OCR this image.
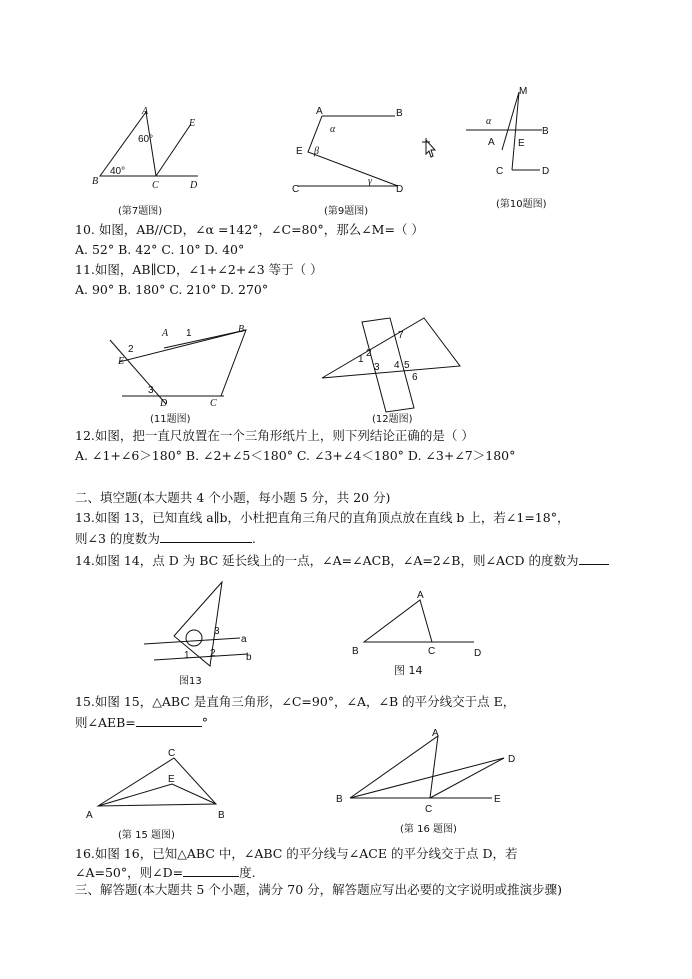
A
B	C	D
E
60°
40°
(第7题图)
A	B
C	D
E
α
β
γ
(第9题图)
M
A
B
C	D
E
α
(第10题图)
10. 如图，AB//CD，∠α =142°，∠C=80°，那么∠M=（ ）
A. 52° B. 42° C. 10° D. 40°
11.如图，AB∥CD，∠1+∠2+∠3 等于（ ）
A. 90° B. 180° C. 210° D. 270°
A	B
C
D
E
1
2
3
(11题图)
1
2
3 4 5
6
7
(12题图)
12.如图，把一直尺放置在一个三角形纸片上，则下列结论正确的是（ ）
A. ∠1+∠6＞180° B. ∠2+∠5＜180° C. ∠3+∠4＜180° D. ∠3+∠7＞180°
二、填空题(本大题共 4 个小题，每小题 5 分，共 20 分)
13.如图 13，已知直线 a∥b，小杜把直角三角尺的直角顶点放在直线 b 上，若∠1=18°，
则∠3 的度数为	.
14.如图 14，点 D 为 BC 延长线上的一点，∠A=∠ACB，∠A=2∠B，则∠ACD 的度数为
a
b
1 2
3
图13
A
B	C	D
图 14
15.如图 15，△ABC 是直角三角形，∠C=90°，∠A，∠B 的平分线交于点 E，
则∠AEB=	°
A	B
C
E
(第 15 题图)
A
B
C
D
E
(第 16 题图)
16.如图 16，已知△ABC 中，∠ABC 的平分线与∠ACE 的平分线交于点 D，若
∠A=50°，则∠D=	度.
三、解答题(本大题共 5 个小题，满分 70 分，解答题应写出必要的文字说明或推演步骤)
